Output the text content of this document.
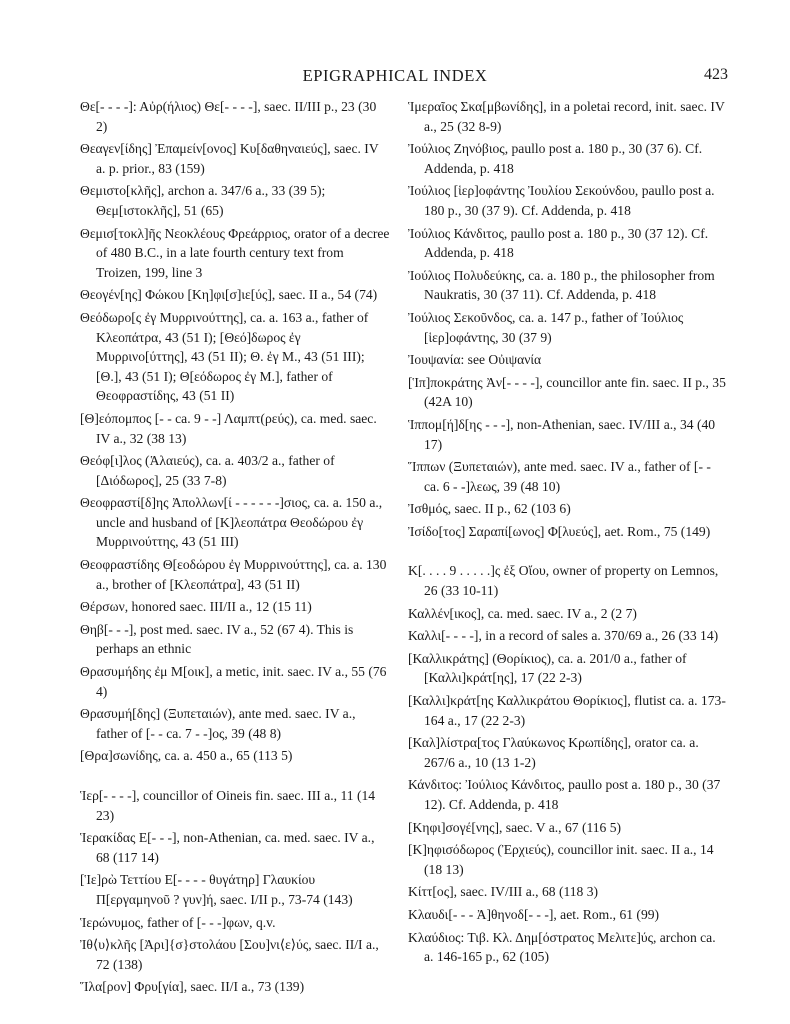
EPIGRAPHICAL INDEX	423
Θε[‐ ‐ ‐ ‐]: Αὐρ(ήλιος) Θε[‐ ‐ ‐ ‐], saec. II/III p., 23 (30 2)
Θεαγεν[ίδης] Ἐπαμείν[ονος] Κυ[δαθηναιεύς], saec. IV a. p. prior., 83 (159)
Θεμιστο[κλῆς], archon a. 347/6 a., 33 (39 5); Θεμ[ιστοκλῆς], 51 (65)
Θεμισ[τοκλ]ῆς Νεοκλέους Φρεάρριος, orator of a decree of 480 B.C., in a late fourth century text from Troizen, 199, line 3
Θεογέν[ης] Φώκου [Κη]φι[σ]ιε[ύς], saec. II a., 54 (74)
Θεόδωρο[ς ἐγ Μυρρινούττης], ca. a. 163 a., father of Κλεοπάτρα, 43 (51 I); [Θεό]δωρος ἐγ Μυρρινο[ύττης], 43 (51 II); Θ. ἐγ Μ., 43 (51 III); [Θ.], 43 (51 I); Θ[εόδωρος ἐγ Μ.], father of Θεοφραστίδης, 43 (51 II)
[Θ]εόπομπος [‐ ‐ ca. 9 ‐ ‐] Λαμπτ(ρεύς), ca. med. saec. IV a., 32 (38 13)
Θεόφ[ι]λος (Ἁλαιεύς), ca. a. 403/2 a., father of [Διόδωρος], 25 (33 7‐8)
Θεοφραστί[δ]ης Ἀπολλων[ί ‐ ‐ ‐ ‐ ‐ ‐]σιος, ca. a. 150 a., uncle and husband of [Κ]λεοπάτρα Θεοδώρου ἐγ Μυρρινούττης, 43 (51 III)
Θεοφραστίδης Θ[εοδώρου ἐγ Μυρρινούττης], ca. a. 130 a., brother of [Κλεοπάτρα], 43 (51 II)
Θέρσων, honored saec. III/II a., 12 (15 11)
Θηβ[‐ ‐ ‐], post med. saec. IV a., 52 (67 4). This is perhaps an ethnic
Θρασυμήδης ἐμ Μ[οικ], a metic, init. saec. IV a., 55 (76 4)
Θρασυμή[δης] (Ξυπεταιών), ante med. saec. IV a., father of [‐ ‐ ca. 7 ‐ ‐]ος, 39 (48 8)
[Θρα]σωνίδης, ca. a. 450 a., 65 (113 5)
Ἱερ[‐ ‐ ‐ ‐], councillor of Oineis fin. saec. III a., 11 (14 23)
Ἱερακίδας Ε[‐ ‐ ‐], non‐Athenian, ca. med. saec. IV a., 68 (117 14)
[Ἱε]ρὼ Τεττίου Ε[‐ ‐ ‐ ‐ θυγάτηρ] Γλαυκίου Π[εργαμηνοῦ ? γυν]ή, saec. I/II p., 73‐74 (143)
Ἱερώνυμος, father of [‐ ‐ ‐]φων, q.v.
Ἰθ⟨υ⟩κλῆς [Ἀρι]{σ}στολάου [Σου]νι⟨ε⟩ύς, saec. II/I a., 72 (138)
Ἵλα[ρον] Φρυ[γία], saec. II/I a., 73 (139)
Ἱμεραῖος Σκα[μβωνίδης], in a poletai record, init. saec. IV a., 25 (32 8‐9)
Ἰούλιος Ζηνόβιος, paullo post a. 180 p., 30 (37 6). Cf. Addenda, p. 418
Ἰούλιος [ἱερ]οφάντης Ἰουλίου Σεκούνδου, paullo post a. 180 p., 30 (37 9). Cf. Addenda, p. 418
Ἰούλιος Κάνδιτος, paullo post a. 180 p., 30 (37 12). Cf. Addenda, p. 418
Ἰούλιος Πολυδεύκης, ca. a. 180 p., the philosopher from Naukratis, 30 (37 11). Cf. Addenda, p. 418
Ἰούλιος Σεκοῦνδος, ca. a. 147 p., father of Ἰούλιος [ἱερ]οφάντης, 30 (37 9)
Ἰουψανία: see Οὐιψανία
[Ἱπ]ποκράτης Ἀν[‐ ‐ ‐ ‐], councillor ante fin. saec. II p., 35 (42A 10)
Ἱππομ[ή]δ[ης ‐ ‐ ‐], non‐Athenian, saec. IV/III a., 34 (40 17)
Ἵππων (Ξυπεταιών), ante med. saec. IV a., father of [‐ ‐ ca. 6 ‐ ‐]λεως, 39 (48 10)
Ἰσθμός, saec. II p., 62 (103 6)
Ἰσίδο[τος] Σαραπί[ωνος] Φ[λυεύς], aet. Rom., 75 (149)
Κ[. . . . 9 . . . . .]ς ἐξ Οἴου, owner of property on Lemnos, 26 (33 10‐11)
Καλλέν[ικος], ca. med. saec. IV a., 2 (2 7)
Καλλι[‐ ‐ ‐ ‐], in a record of sales a. 370/69 a., 26 (33 14)
[Καλλικράτης] (Θορίκιος), ca. a. 201/0 a., father of [Καλλι]κράτ[ης], 17 (22 2‐3)
[Καλλι]κράτ[ης Καλλικράτου Θορίκιος], flutist ca. a. 173‐164 a., 17 (22 2‐3)
[Καλ]λίστρα[τος Γλαύκωνος Κρωπίδης], orator ca. a. 267/6 a., 10 (13 1‐2)
Κάνδιτος: Ἰούλιος Κάνδιτος, paullo post a. 180 p., 30 (37 12). Cf. Addenda, p. 418
[Κηφι]σογέ[νης], saec. V a., 67 (116 5)
[Κ]ηφισόδωρος (Ἐρχιεύς), councillor init. saec. II a., 14 (18 13)
Κίττ[ος], saec. IV/III a., 68 (118 3)
Κλαυδι[‐ ‐ ‐ Ἀ]θηνοδ[‐ ‐ ‐], aet. Rom., 61 (99)
Κλαύδιος: Τιβ. Κλ. Δημ[όστρατος Μελιτε]ύς, archon ca. a. 146‐165 p., 62 (105)
